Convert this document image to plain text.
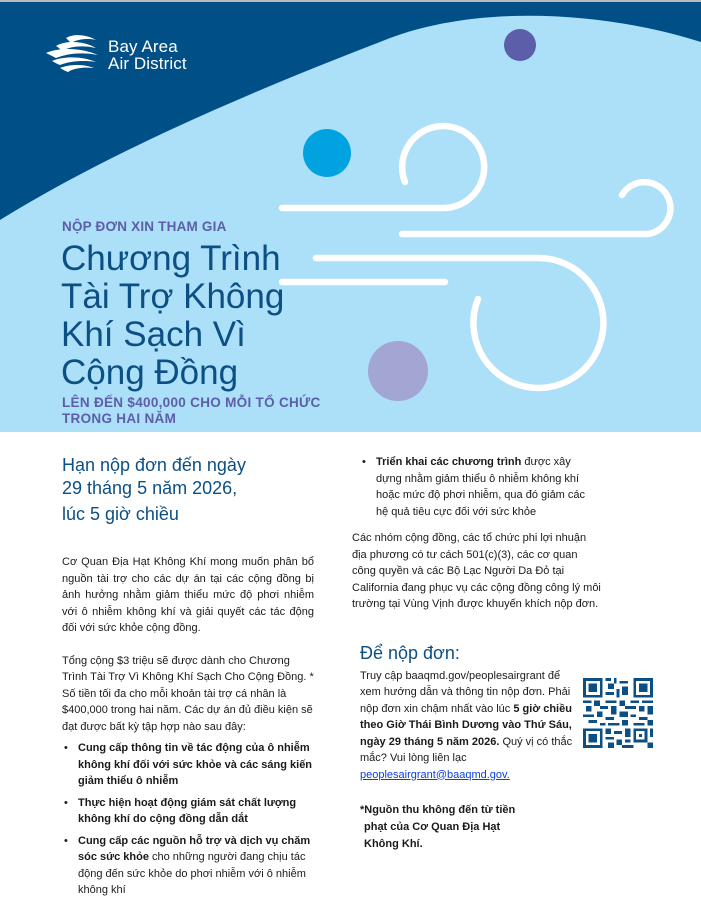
Bay Area
Air District
NỘP ĐƠN XIN THAM GIA
Chương Trình
Tài Trợ Không
Khí Sạch Vì
Cộng Đồng
LÊN ĐẾN $400,000 CHO MỖI TỔ CHỨC TRONG HAI NĂM
Hạn nộp đơn đến ngày
29 tháng 5 năm 2026,
lúc 5 giờ chiều

Cơ Quan Địa Hạt Không Khí mong muốn phân bổ nguồn tài trợ cho các dự án tại các cộng đồng bị ảnh hưởng nhằm giảm thiểu mức độ phơi nhiễm với ô nhiễm không khí và giải quyết các tác động đối với sức khỏe cộng đồng.

Tổng cộng $3 triệu sẽ được dành cho Chương Trình Tài Trợ Vì Không Khí Sạch Cho Cộng Đồng. * Số tiền tối đa cho mỗi khoản tài trợ cá nhân là $400,000 trong hai năm. Các dự án đủ điều kiện sẽ đạt được bất kỳ tập hợp nào sau đây:

• Cung cấp thông tin về tác động của ô nhiễm không khí đối với sức khỏe và các sáng kiến giảm thiểu ô nhiễm
• Thực hiện hoạt động giám sát chất lượng không khí do cộng đồng dẫn dắt
• Cung cấp các nguồn hỗ trợ và dịch vụ chăm sóc sức khỏe cho những người đang chịu tác động đến sức khỏe do phơi nhiễm với ô nhiễm không khí
• Triển khai các chương trình được xây dựng nhằm giảm thiểu ô nhiễm không khí hoặc mức độ phơi nhiễm, qua đó giảm các hệ quả tiêu cực đối với sức khỏe

Các nhóm cộng đồng, các tổ chức phi lợi nhuận địa phương có tư cách 501(c)(3), các cơ quan công quyền và các Bộ Lạc Người Da Đỏ tại California đang phục vụ các cộng đồng công lý môi trường tại Vùng Vịnh được khuyến khích nộp đơn.

Để nộp đơn:
Truy cập baaqmd.gov/peoplesairgrant để xem hướng dẫn và thông tin nộp đơn. Phải nộp đơn xin chậm nhất vào lúc 5 giờ chiều theo Giờ Thái Bình Dương vào Thứ Sáu, ngày 29 tháng 5 năm 2026. Quý vị có thắc mắc? Vui lòng liên lạc peoplesairgrant@baaqmd.gov.
*Nguồn thu không đến từ tiền
phạt của Cơ Quan Địa Hạt
Không Khí.
